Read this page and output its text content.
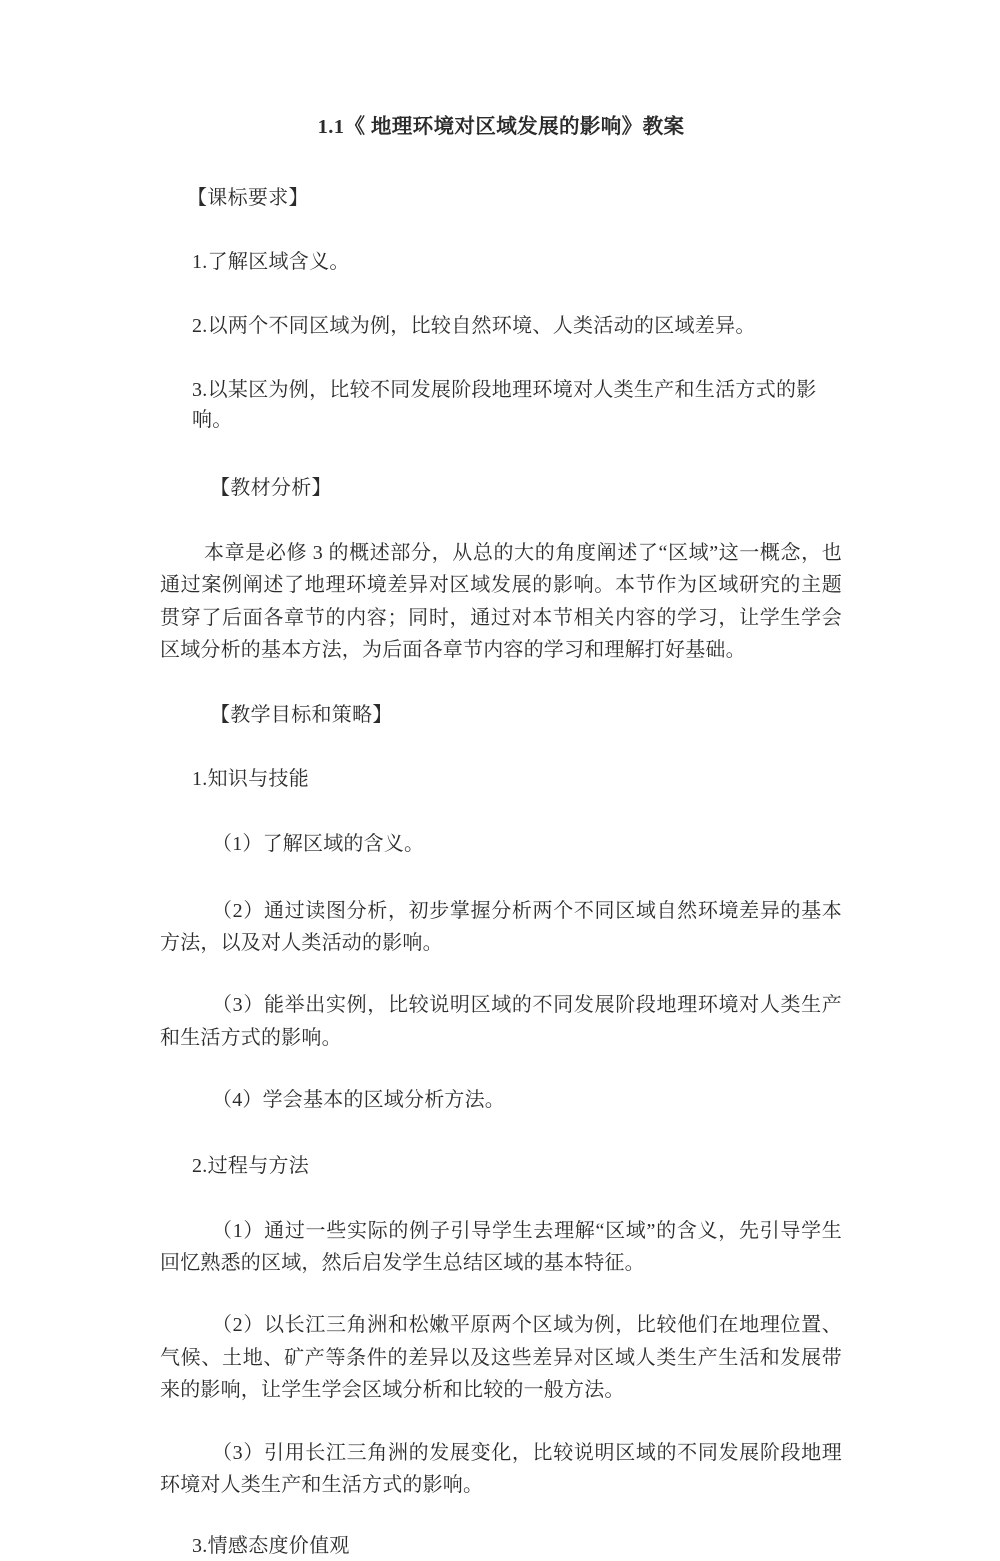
1.1《 地理环境对区域发展的影响》教案

【课标要求】

1.了解区域含义。

2.以两个不同区域为例，比较自然环境、人类活动的区域差异。

3.以某区为例，比较不同发展阶段地理环境对人类生产和生活方式的影响。

【教材分析】

本章是必修 3 的概述部分，从总的大的角度阐述了“区域”这一概念，也通过案例阐述了地理环境差异对区域发展的影响。本节作为区域研究的主题贯穿了后面各章节的内容；同时，通过对本节相关内容的学习，让学生学会区域分析的基本方法，为后面各章节内容的学习和理解打好基础。

【教学目标和策略】

1.知识与技能

（1）了解区域的含义。

（2）通过读图分析，初步掌握分析两个不同区域自然环境差异的基本方法，以及对人类活动的影响。

（3）能举出实例，比较说明区域的不同发展阶段地理环境对人类生产和生活方式的影响。

（4）学会基本的区域分析方法。

2.过程与方法

（1）通过一些实际的例子引导学生去理解“区域”的含义，先引导学生回忆熟悉的区域，然后启发学生总结区域的基本特征。

（2）以长江三角洲和松嫩平原两个区域为例，比较他们在地理位置、气候、土地、矿产等条件的差异以及这些差异对区域人类生产生活和发展带来的影响，让学生学会区域分析和比较的一般方法。

（3）引用长江三角洲的发展变化，比较说明区域的不同发展阶段地理环境对人类生产和生活方式的影响。

3.情感态度价值观
